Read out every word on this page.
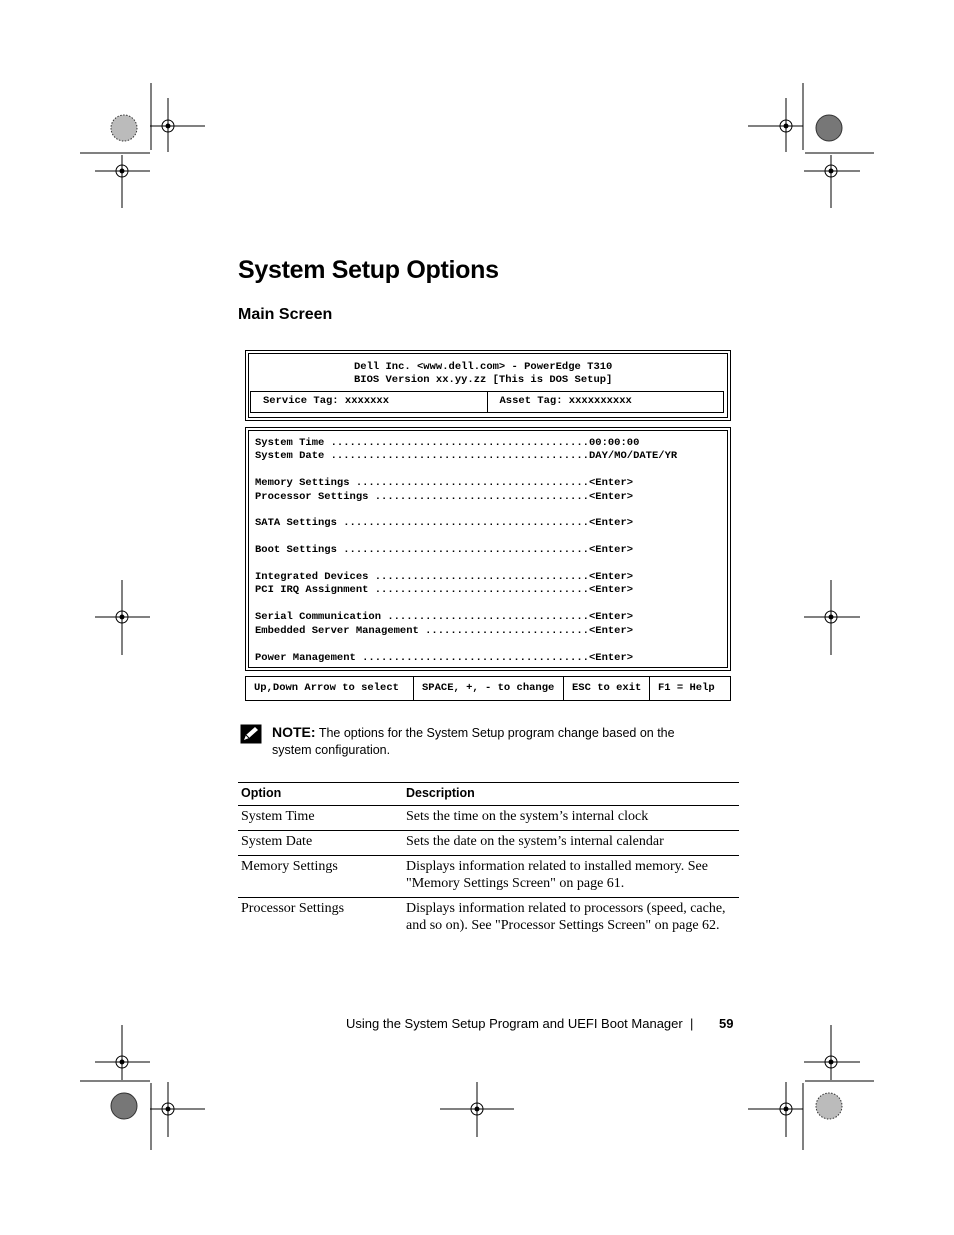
System Setup Options
Main Screen
Dell Inc. <www.dell.com> - PowerEdge T310
BIOS Version xx.yy.zz [This is DOS Setup]
Service Tag: xxxxxxx	Asset Tag: xxxxxxxxxx
System Time .........................................00:00:00
System Date .........................................DAY/MO/DATE/YR

Memory Settings .....................................<Enter>
Processor Settings ..................................<Enter>

SATA Settings .......................................<Enter>

Boot Settings .......................................<Enter>

Integrated Devices ..................................<Enter>
PCI IRQ Assignment ..................................<Enter>

Serial Communication ................................<Enter>
Embedded Server Management ..........................<Enter>

Power Management ....................................<Enter>
Up,Down Arrow to select	SPACE, +, - to change	ESC to exit	F1 = Help
NOTE: The options for the System Setup program change based on the system configuration.
Option	Description
System Time	Sets the time on the system’s internal clock
System Date	Sets the date on the system’s internal calendar
Memory Settings	Displays information related to installed memory. See "Memory Settings Screen" on page 61.
Processor Settings	Displays information related to processors (speed, cache, and so on). See "Processor Settings Screen" on page 62.
Using the System Setup Program and UEFI Boot Manager | 59
